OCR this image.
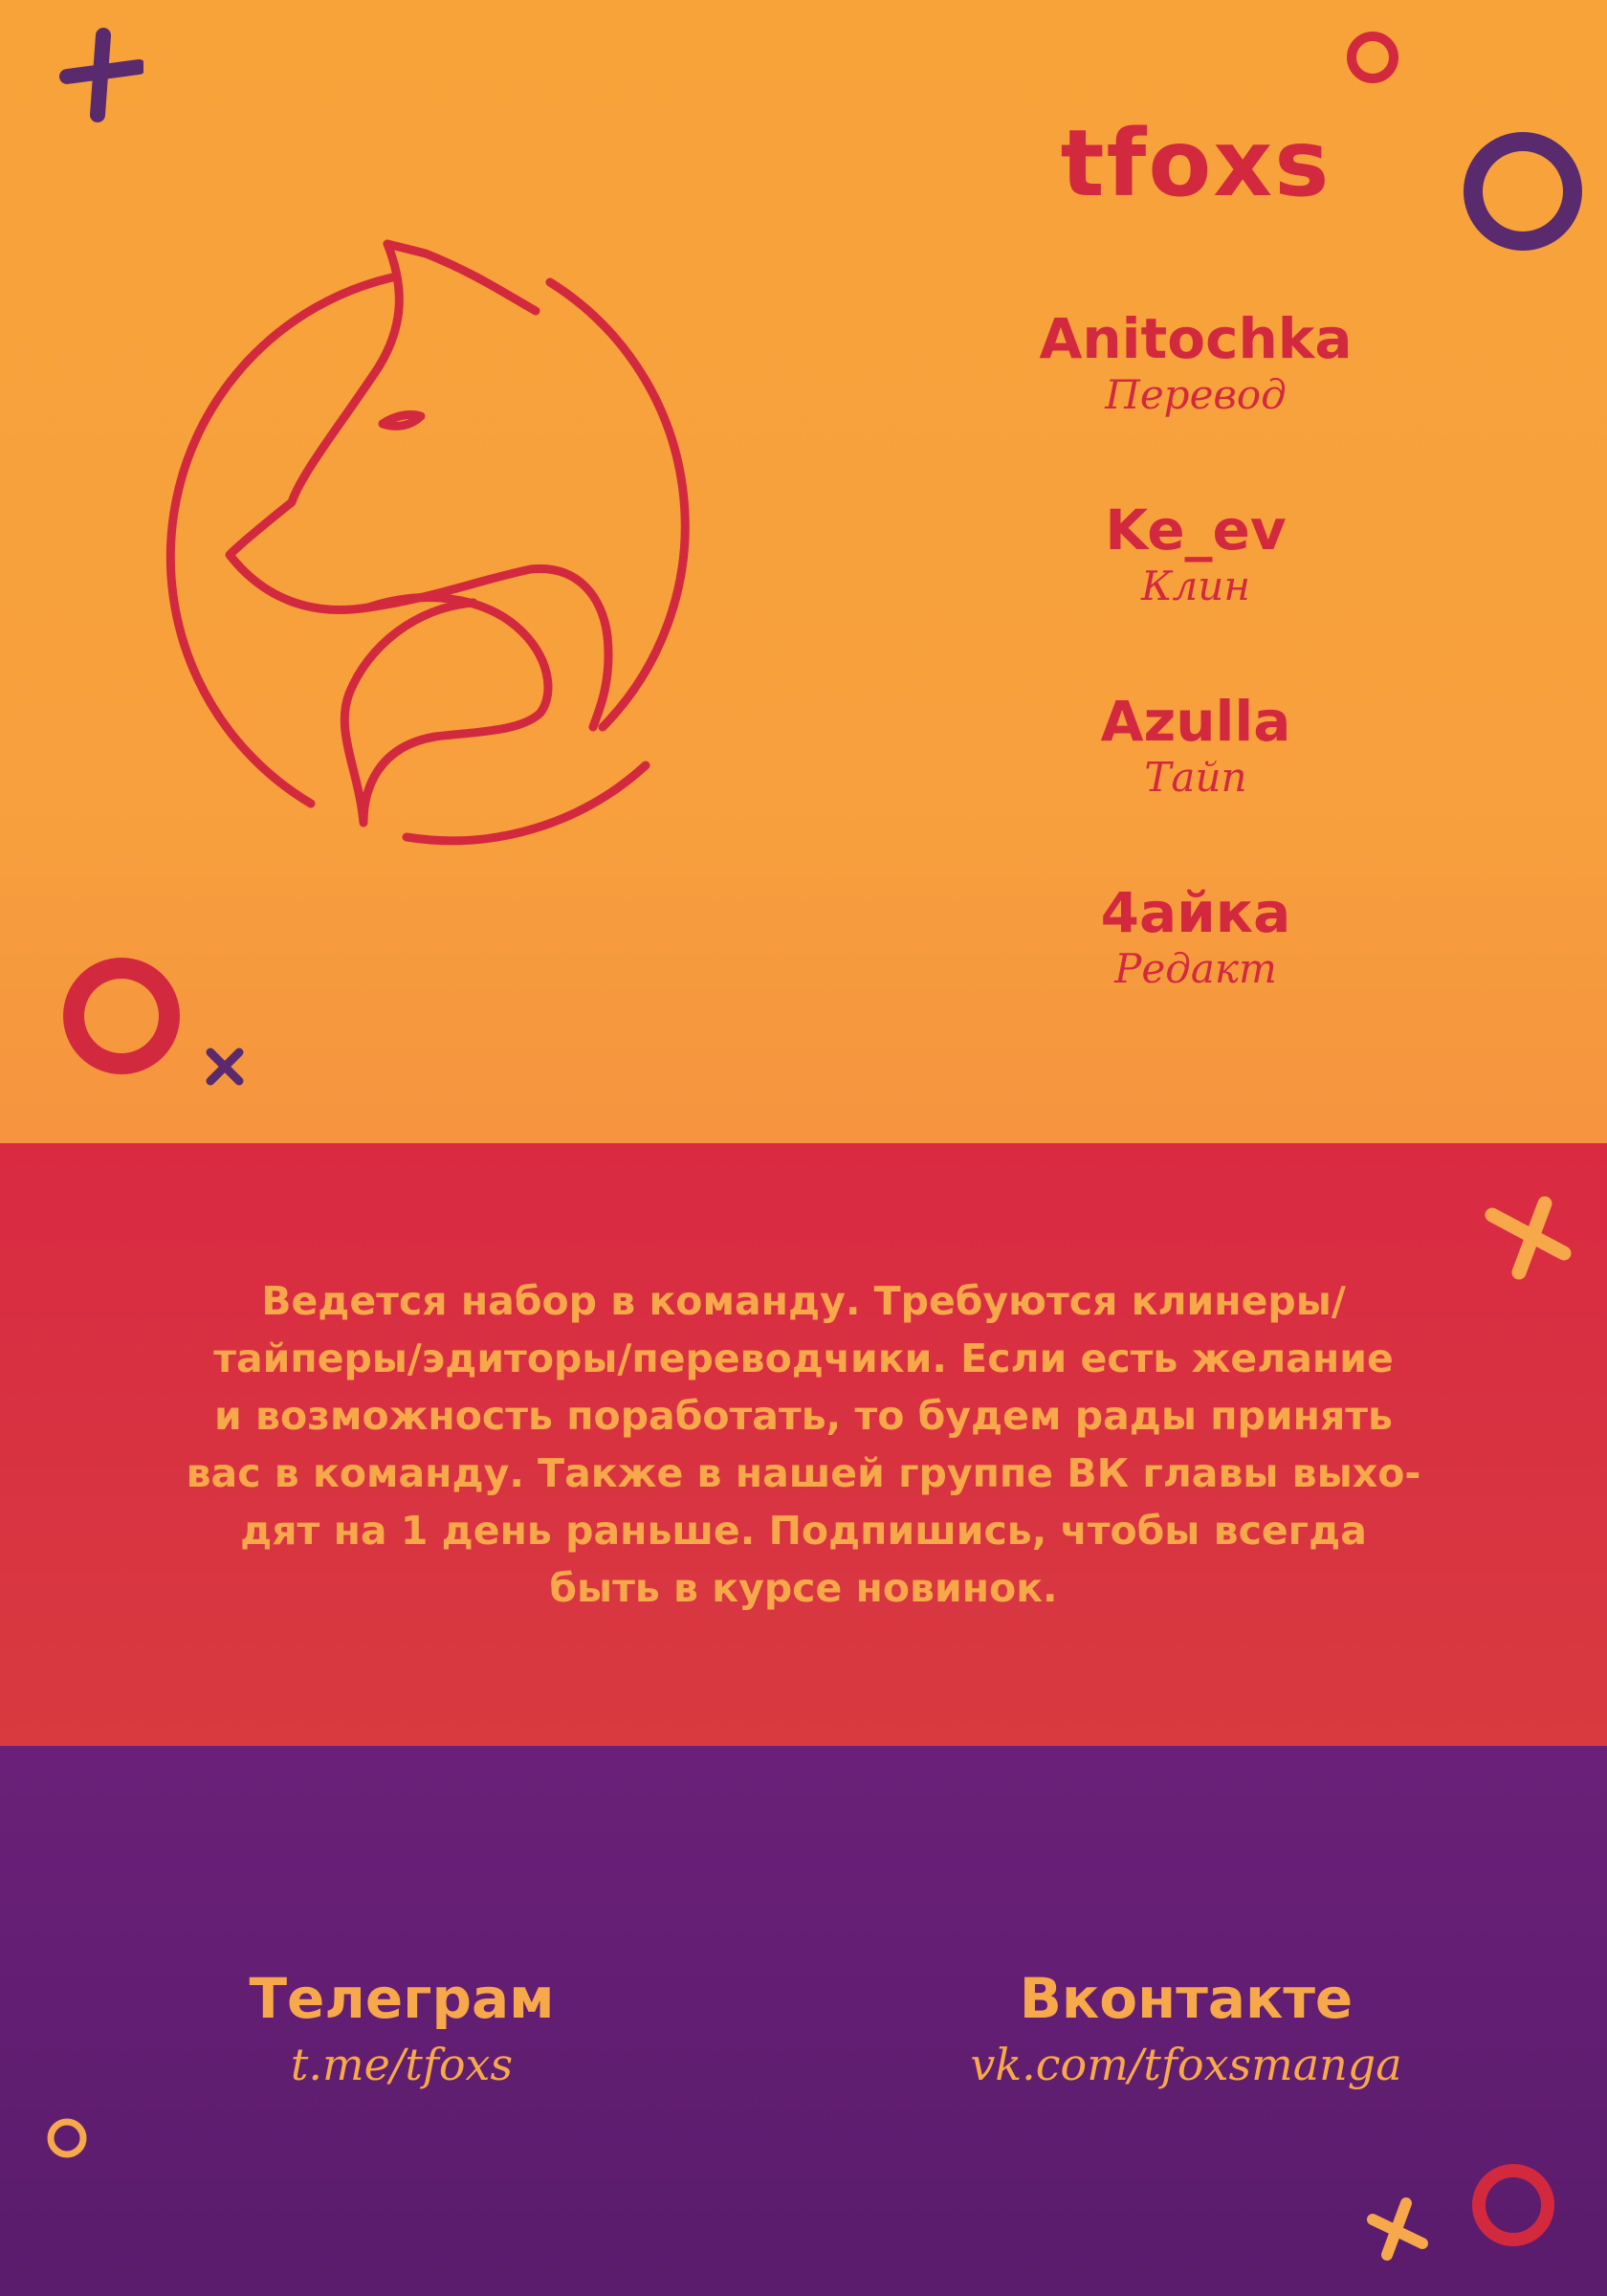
tfoxs
Anitochka
Перевод
Ke_ev
Клин
Azulla
Тайп
4айка
Редакт
Ведется набор в команду. Требуются клинеры/
тайперы/эдиторы/переводчики. Если есть желание
и возможность поработать, то будем рады принять
вас в команду. Также в нашей группе ВК главы выхо-
дят на 1 день раньше. Подпишись, чтобы всегда
быть в курсе новинок.
Телеграм
t.me/tfoxs
Вконтакте
vk.com/tfoxsmanga
